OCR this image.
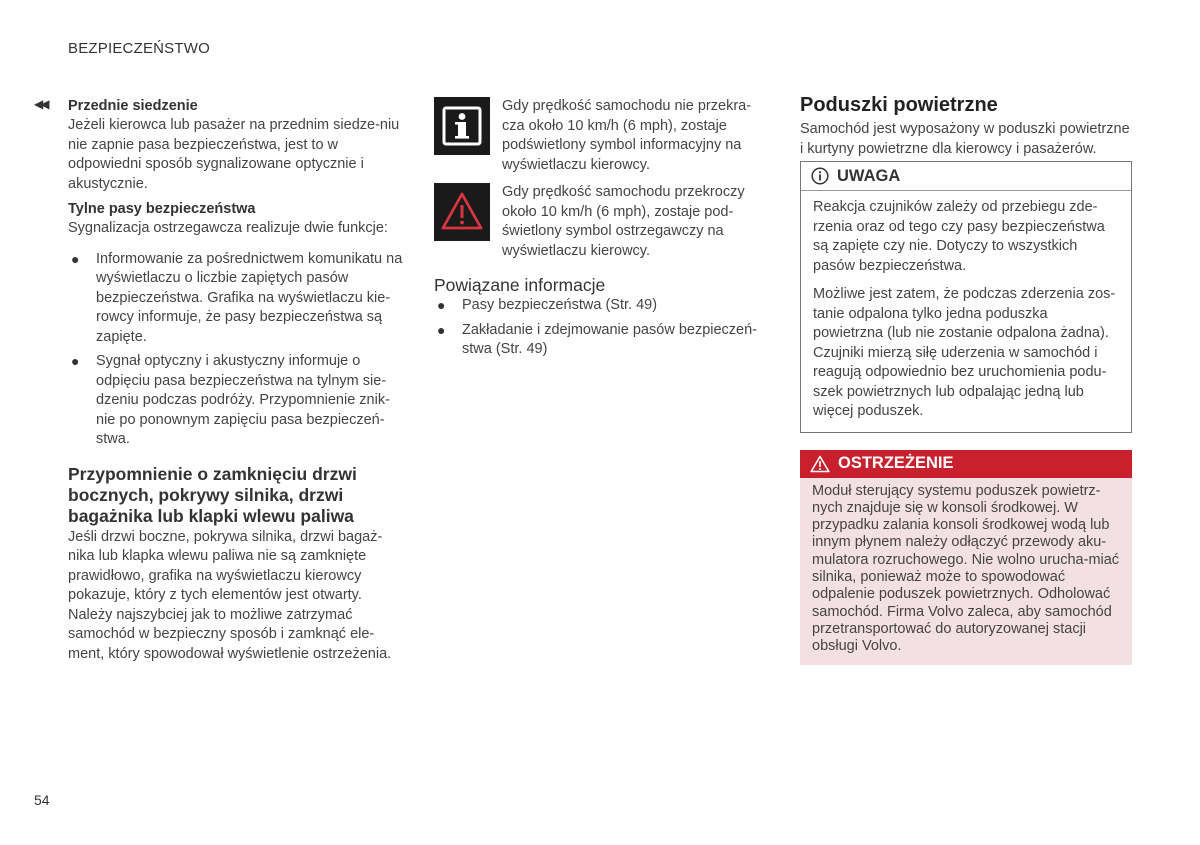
BEZPIECZEŃSTWO
54
◀◀ Przednie siedzenie

Jeżeli kierowca lub pasażer na przednim siedze-niu nie zapnie pasa bezpieczeństwa, jest to w odpowiedni sposób sygnalizowane optycznie i akustycznie.

Tylne pasy bezpieczeństwa

Sygnalizacja ostrzegawcza realizuje dwie funkcje:

● Informowanie za pośrednictwem komunikatu na wyświetlaczu o liczbie zapiętych pasów bezpieczeństwa. Grafika na wyświetlaczu kie-rowcy informuje, że pasy bezpieczeństwa są zapięte.
● Sygnał optyczny i akustyczny informuje o odpięciu pasa bezpieczeństwa na tylnym sie-dzeniu podczas podróży. Przypomnienie znik-nie po ponownym zapięciu pasa bezpieczeń-stwa.
Przypomnienie o zamknięciu drzwi bocznych, pokrywy silnika, drzwi bagażnika lub klapki wlewu paliwa

Jeśli drzwi boczne, pokrywa silnika, drzwi bagaż-nika lub klapka wlewu paliwa nie są zamknięte prawidłowo, grafika na wyświetlaczu kierowcy pokazuje, który z tych elementów jest otwarty. Należy najszybciej jak to możliwe zatrzymać samochód w bezpieczny sposób i zamknąć ele-ment, który spowodował wyświetlenie ostrzeżenia.

Gdy prędkość samochodu nie przekra-cza około 10 km/h (6 mph), zostaje podświetlony symbol informacyjny na wyświetlaczu kierowcy.
Gdy prędkość samochodu przekroczy około 10 km/h (6 mph), zostaje pod-świetlony symbol ostrzegawczy na wyświetlaczu kierowcy.
Powiązane informacje
● Pasy bezpieczeństwa (Str. 49)
● Zakładanie i zdejmowanie pasów bezpieczeń-stwa (Str. 49)
Poduszki powietrzne

Samochód jest wyposażony w poduszki powietrzne i kurtyny powietrzne dla kierowcy i pasażerów.

UWAGA

Reakcja czujników zależy od przebiegu zde-rzenia oraz od tego czy pasy bezpieczeństwa są zapięte czy nie. Dotyczy to wszystkich pasów bezpieczeństwa.

Możliwe jest zatem, że podczas zderzenia zos-tanie odpalona tylko jedna poduszka powietrzna (lub nie zostanie odpalona żadna). Czujniki mierzą siłę uderzenia w samochód i reagują odpowiednio bez uruchomienia podu-szek powietrznych lub odpalając jedną lub więcej poduszek.

OSTRZEŻENIE

Moduł sterujący systemu poduszek powietrz-nych znajduje się w konsoli środkowej. W przypadku zalania konsoli środkowej wodą lub innym płynem należy odłączyć przewody aku-mulatora rozruchowego. Nie wolno urucha-miać silnika, ponieważ może to spowodować odpalenie poduszek powietrznych. Odholować samochód. Firma Volvo zaleca, aby samochód przetransportować do autoryzowanej stacji obsługi Volvo.
